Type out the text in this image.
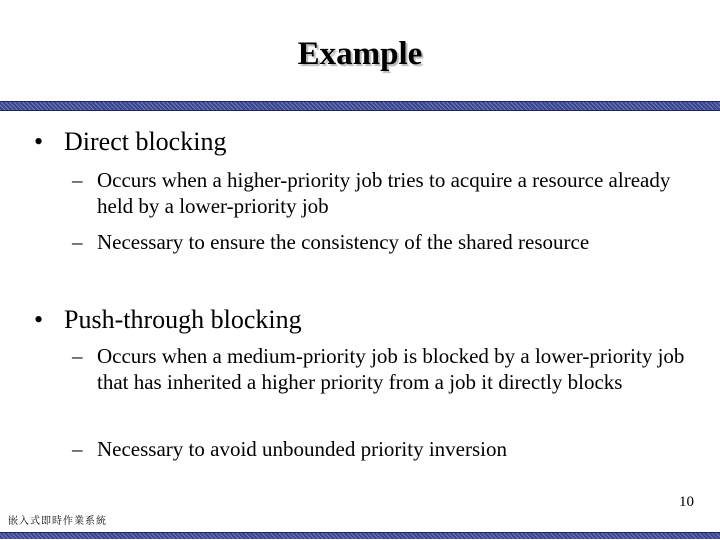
Example
• Direct blocking
– Occurs when a higher-priority job tries to acquire a resource already held by a lower-priority job
– Necessary to ensure the consistency of the shared resource
• Push-through blocking
– Occurs when a medium-priority job is blocked by a lower-priority job that has inherited a higher priority from a job it directly blocks
– Necessary to avoid unbounded priority inversion
10
嵌入式即時作業系統
